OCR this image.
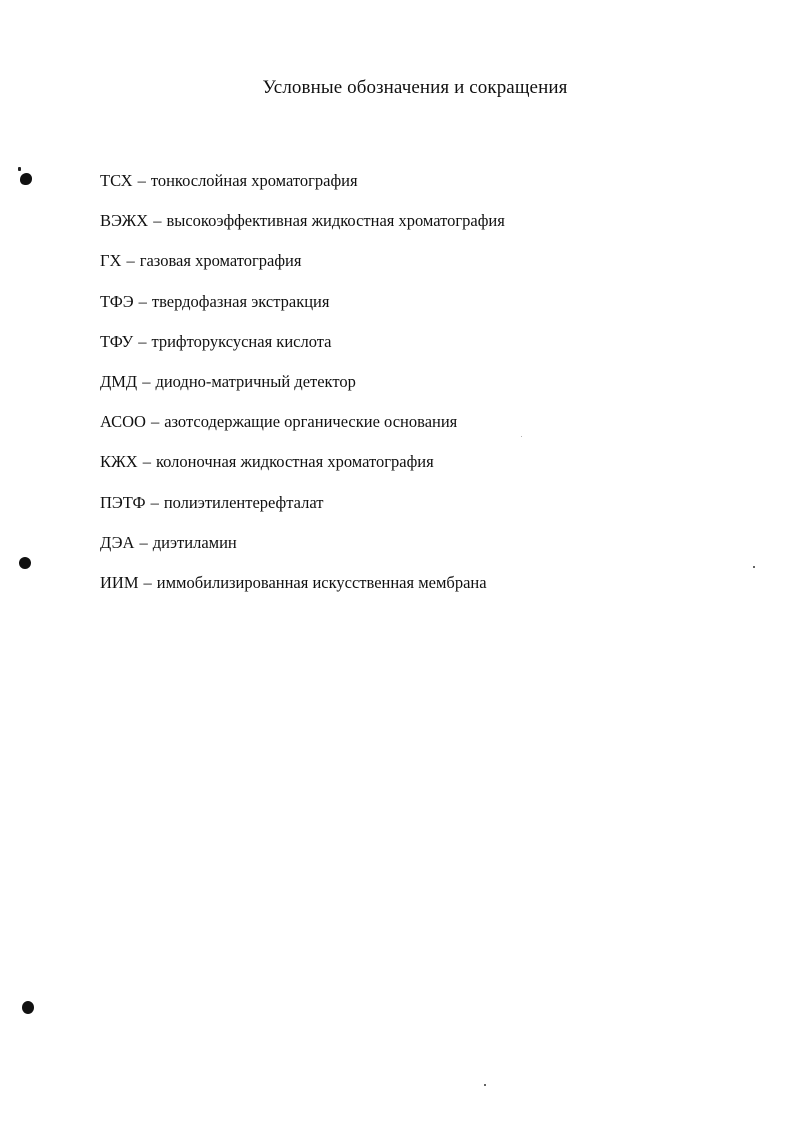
Условные обозначения и сокращения
ТСХ – тонкослойная хроматография
ВЭЖХ – высокоэффективная жидкостная хроматография
ГХ – газовая хроматография
ТФЭ – твердофазная экстракция
ТФУ – трифторуксусная кислота
ДМД – диодно-матричный детектор
АСОО – азотсодержащие органические основания
КЖХ – колоночная жидкостная хроматография
ПЭТФ – полиэтилентерефталат
ДЭА – диэтиламин
ИИМ – иммобилизированная искусственная мембрана
